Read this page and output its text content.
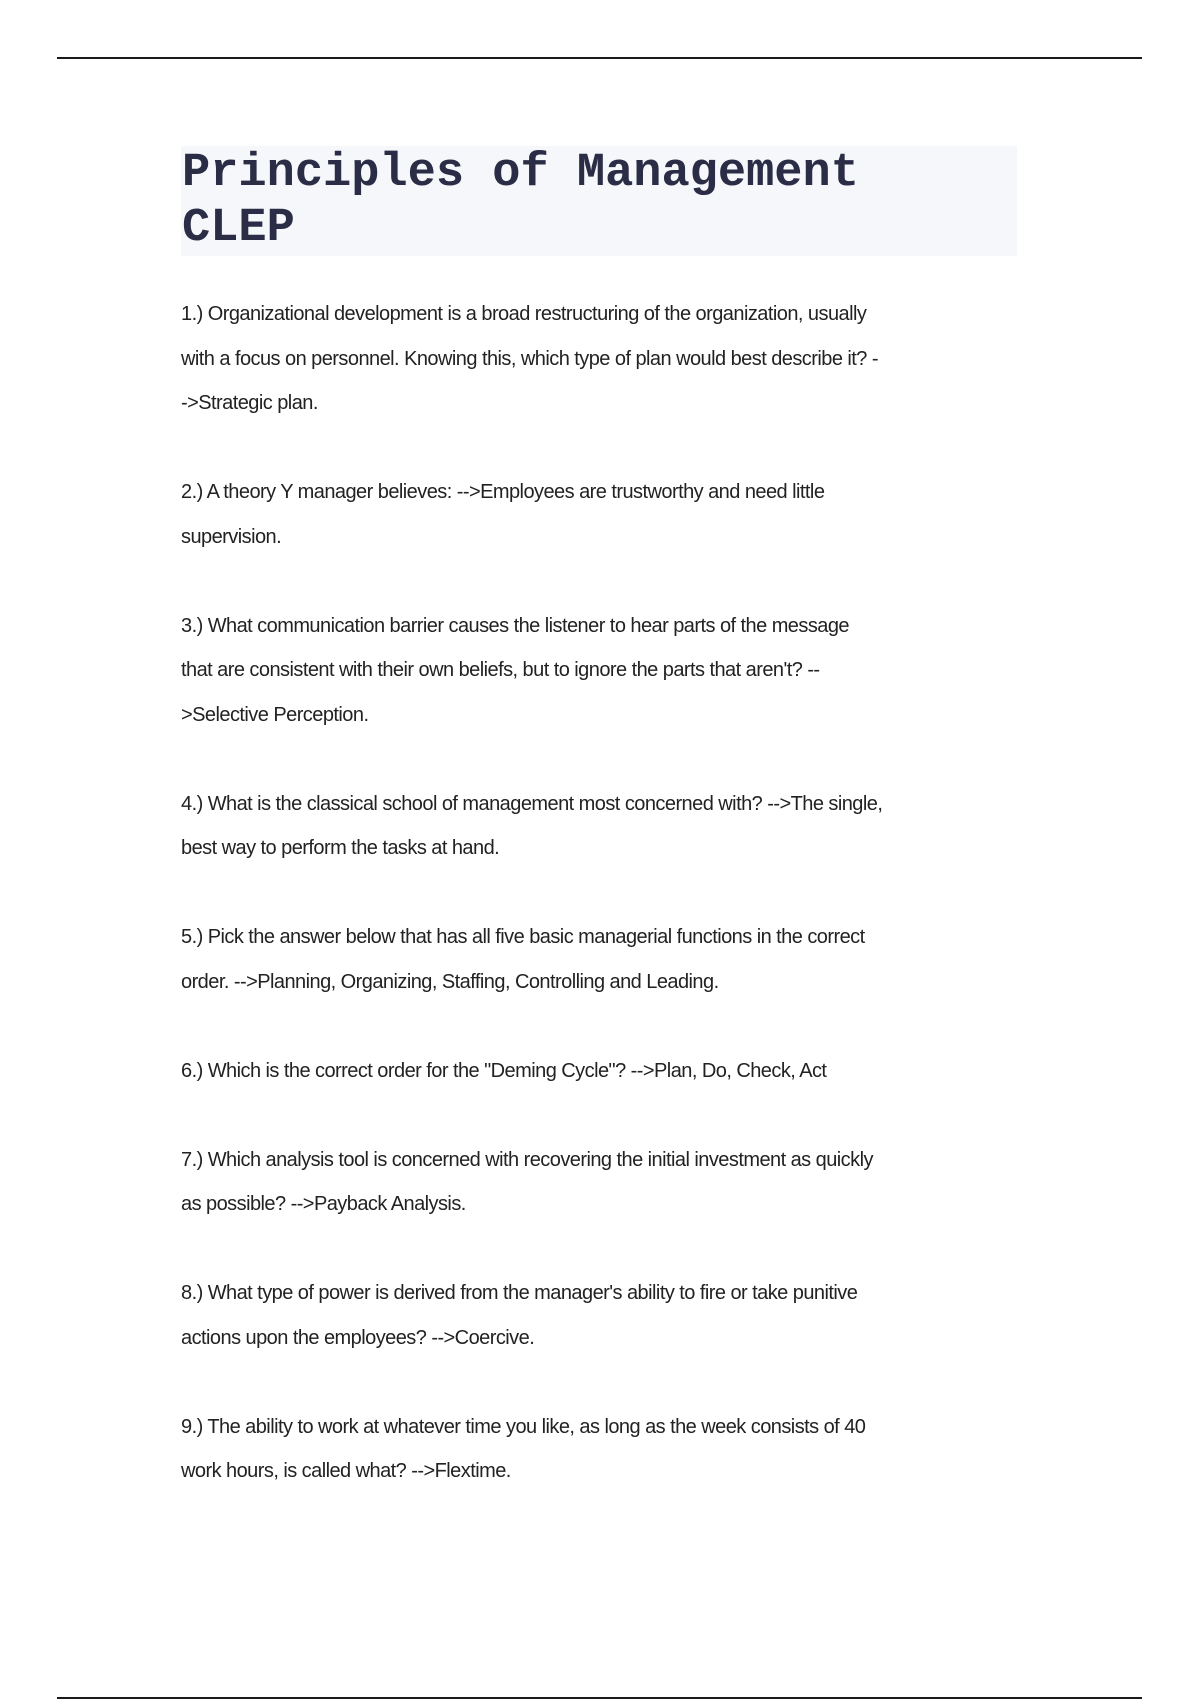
Principles of Management
CLEP

1.) Organizational development is a broad restructuring of the organization, usually
with a focus on personnel. Knowing this, which type of plan would best describe it? -
->Strategic plan.

2.) A theory Y manager believes: -->Employees are trustworthy and need little
supervision.

3.) What communication barrier causes the listener to hear parts of the message
that are consistent with their own beliefs, but to ignore the parts that aren't? --
>Selective Perception.

4.) What is the classical school of management most concerned with? -->The single,
best way to perform the tasks at hand.

5.) Pick the answer below that has all five basic managerial functions in the correct
order. -->Planning, Organizing, Staffing, Controlling and Leading.

6.) Which is the correct order for the "Deming Cycle"? -->Plan, Do, Check, Act

7.) Which analysis tool is concerned with recovering the initial investment as quickly
as possible? -->Payback Analysis.

8.) What type of power is derived from the manager's ability to fire or take punitive
actions upon the employees? -->Coercive.

9.) The ability to work at whatever time you like, as long as the week consists of 40
work hours, is called what? -->Flextime.
